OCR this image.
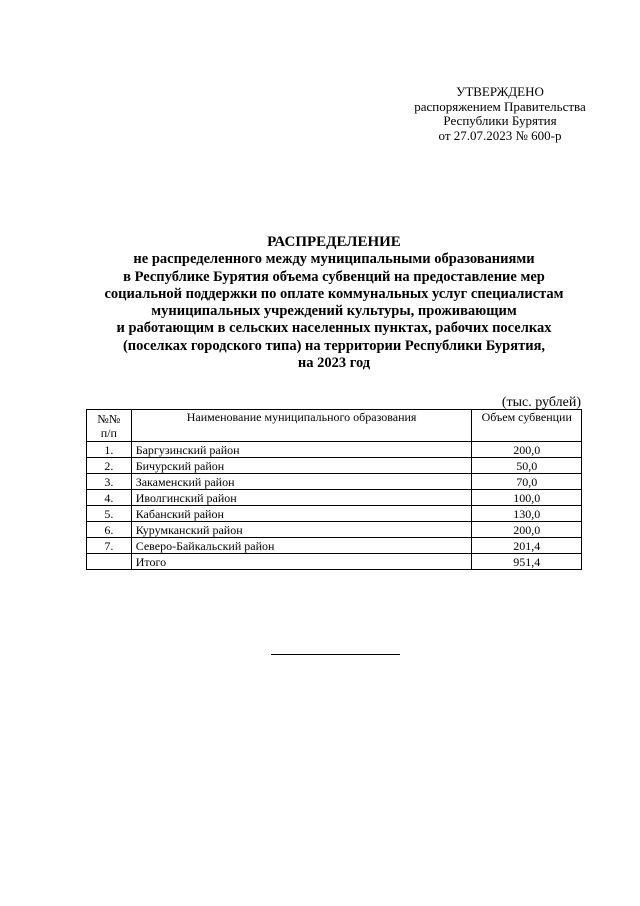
УТВЕРЖДЕНО
распоряжением Правительства
Республики Бурятия
от 27.07.2023 № 600-р
РАСПРЕДЕЛЕНИЕ
не распределенного между муниципальными образованиями
в Республике Бурятия объема субвенций на предоставление мер
социальной поддержки по оплате коммунальных услуг специалистам
муниципальных учреждений культуры, проживающим
и работающим в сельских населенных пунктах, рабочих поселках
(поселках городского типа) на территории Республики Бурятия,
на 2023 год
(тыс. рублей)
№№
п/п	Наименование муниципального образования	Объем субвенции
1.	Баргузинский район	200,0
2.	Бичурский район	50,0
3.	Закаменский район	70,0
4.	Иволгинский район	100,0
5.	Кабанский район	130,0
6.	Курумканский район	200,0
7.	Северо-Байкальский район	201,4
	Итого	951,4
